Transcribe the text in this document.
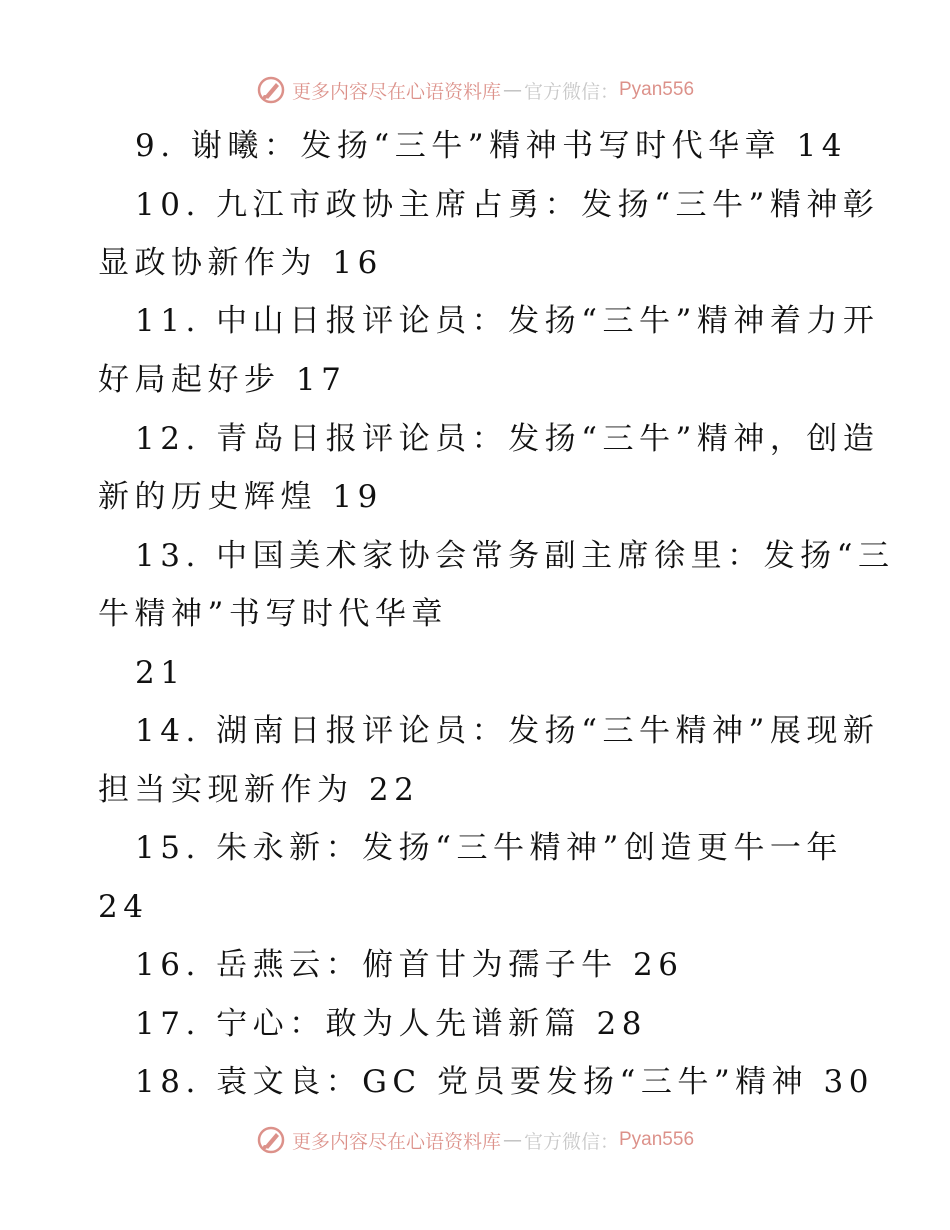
更多内容尽在心语资料库 — 官方微信： Pyan556
9. 谢曦：发扬“三牛”精神书写时代华章 14
10. 九江市政协主席占勇：发扬“三牛”精神彰
显政协新作为 16
11. 中山日报评论员：发扬“三牛”精神着力开
好局起好步 17
12. 青岛日报评论员：发扬“三牛”精神，创造
新的历史辉煌 19
13. 中国美术家协会常务副主席徐里：发扬“三
牛精神”书写时代华章
21
14. 湖南日报评论员：发扬“三牛精神”展现新
担当实现新作为 22
15. 朱永新：发扬“三牛精神”创造更牛一年
24
16. 岳燕云：俯首甘为孺子牛 26
17. 宁心：敢为人先谱新篇 28
18. 袁文良：GC 党员要发扬“三牛”精神 30
更多内容尽在心语资料库 — 官方微信： Pyan556
